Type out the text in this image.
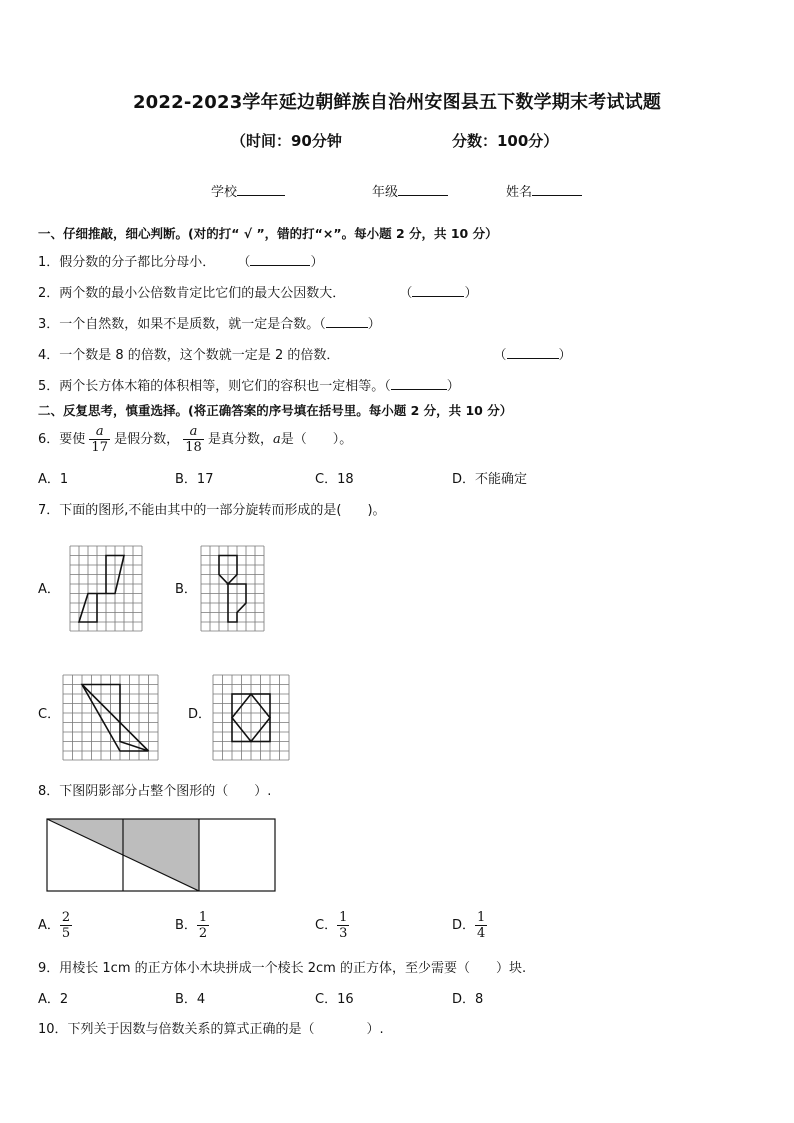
2022-2023学年延边朝鲜族自治州安图县五下数学期末考试试题
（时间：90分钟	分数：100分）
学校	年级	姓名
一、仔细推敲，细心判断。(对的打“ √ ”，错的打“×”。每小题 2 分，共 10 分）
1．假分数的分子都比分母小． （	）
2．两个数的最小公倍数肯定比它们的最大公因数大．	（	）
3．一个自然数，如果不是质数，就一定是合数。（	）
4．一个数是 8 的倍数，这个数就一定是 2 的倍数．	（	）
5．两个长方体木箱的体积相等，则它们的容积也一定相等。（	）
二、反复思考，慎重选择。(将正确答案的序号填在括号里。每小题 2 分，共 10 分）
6．要使 $\frac{a}{17}$ 是假分数， $\frac{a}{18}$ 是真分数，a是（　　）。
A．1	B．17	C．18	D．不能确定
7．下面的图形,不能由其中的一部分旋转而形成的是(　　)。
A．	B．
C．	D．
8．下图阴影部分占整个图形的（　　）.
A． $\frac{2}{5}$	B． $\frac{1}{2}$	C． $\frac{1}{3}$	D． $\frac{1}{4}$
9．用棱长 1cm 的正方体小木块拼成一个棱长 2cm 的正方体，至少需要（　　）块.
A．2	B．4	C．16	D．8
10．下列关于因数与倍数关系的算式正确的是（　　　　）.
